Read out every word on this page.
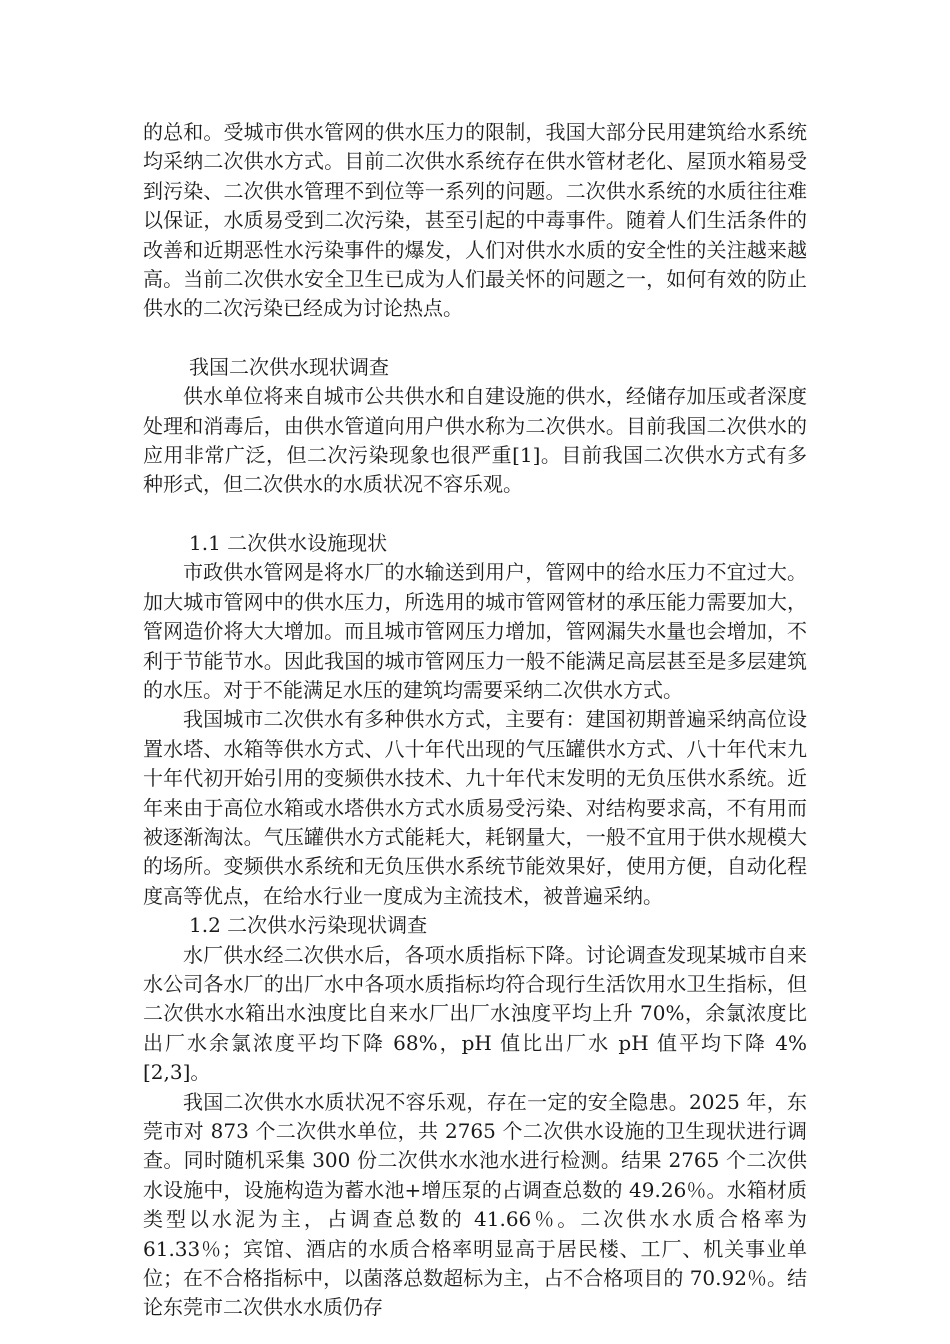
的总和。受城市供水管网的供水压力的限制，我国大部分民用建筑给水系统均采纳二次供水方式。目前二次供水系统存在供水管材老化、屋顶水箱易受到污染、二次供水管理不到位等一系列的问题。二次供水系统的水质往往难以保证，水质易受到二次污染，甚至引起的中毒事件。随着人们生活条件的改善和近期恶性水污染事件的爆发，人们对供水水质的安全性的关注越来越高。当前二次供水安全卫生已成为人们最关怀的问题之一，如何有效的防止供水的二次污染已经成为讨论热点。

我国二次供水现状调查

供水单位将来自城市公共供水和自建设施的供水，经储存加压或者深度处理和消毒后，由供水管道向用户供水称为二次供水。目前我国二次供水的应用非常广泛，但二次污染现象也很严重[1]。目前我国二次供水方式有多种形式，但二次供水的水质状况不容乐观。

1.1 二次供水设施现状

市政供水管网是将水厂的水输送到用户，管网中的给水压力不宜过大。加大城市管网中的供水压力，所选用的城市管网管材的承压能力需要加大，管网造价将大大增加。而且城市管网压力增加，管网漏失水量也会增加，不利于节能节水。因此我国的城市管网压力一般不能满足高层甚至是多层建筑的水压。对于不能满足水压的建筑均需要采纳二次供水方式。

我国城市二次供水有多种供水方式，主要有：建国初期普遍采纳高位设置水塔、水箱等供水方式、八十年代出现的气压罐供水方式、八十年代末九十年代初开始引用的变频供水技术、九十年代末发明的无负压供水系统。近年来由于高位水箱或水塔供水方式水质易受污染、对结构要求高，不有用而被逐渐淘汰。气压罐供水方式能耗大，耗钢量大，一般不宜用于供水规模大的场所。变频供水系统和无负压供水系统节能效果好，使用方便，自动化程度高等优点，在给水行业一度成为主流技术，被普遍采纳。

1.2 二次供水污染现状调查

水厂供水经二次供水后，各项水质指标下降。讨论调查发现某城市自来水公司各水厂的出厂水中各项水质指标均符合现行生活饮用水卫生指标，但二次供水水箱出水浊度比自来水厂出厂水浊度平均上升 70%，余氯浓度比出厂水余氯浓度平均下降 68%，pH 值比出厂水 pH 值平均下降 4%[2,3]。

我国二次供水水质状况不容乐观，存在一定的安全隐患。2025 年，东莞市对 873 个二次供水单位，共 2765 个二次供水设施的卫生现状进行调查。同时随机采集 300 份二次供水水池水进行检测。结果 2765 个二次供水设施中，设施构造为蓄水池+增压泵的占调查总数的 49.26％。水箱材质类型以水泥为主，占调查总数的 41.66％。二次供水水质合格率为 61.33％；宾馆、酒店的水质合格率明显高于居民楼、工厂、机关事业单位；在不合格指标中，以菌落总数超标为主，占不合格项目的 70.92％。结论东莞市二次供水水质仍存
